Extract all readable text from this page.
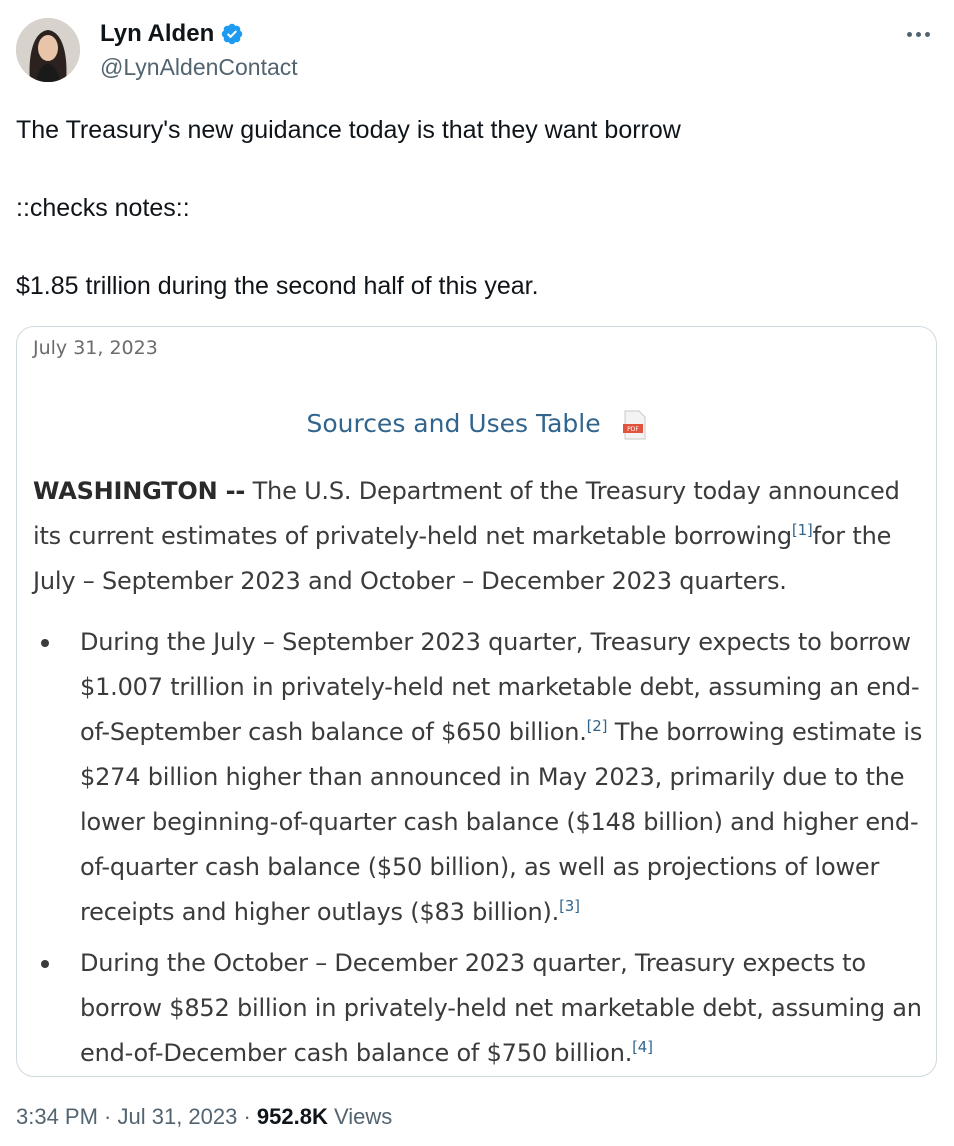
Lyn Alden
@LynAldenContact

The Treasury's new guidance today is that they want borrow

::checks notes::

$1.85 trillion during the second half of this year.

July 31, 2023
Sources and Uses Table	PDF
WASHINGTON -- The U.S. Department of the Treasury today announced its current estimates of privately-held net marketable borrowing[1]for the July – September 2023 and October – December 2023 quarters.
During the July – September 2023 quarter, Treasury expects to borrow $1.007 trillion in privately-held net marketable debt, assuming an end-of-September cash balance of $650 billion.[2] The borrowing estimate is $274 billion higher than announced in May 2023, primarily due to the lower beginning-of-quarter cash balance ($148 billion) and higher end-of-quarter cash balance ($50 billion), as well as projections of lower receipts and higher outlays ($83 billion).[3]
During the October – December 2023 quarter, Treasury expects to borrow $852 billion in privately-held net marketable debt, assuming an end-of-December cash balance of $750 billion.[4]
3:34 PM · Jul 31, 2023 · 952.8K Views
